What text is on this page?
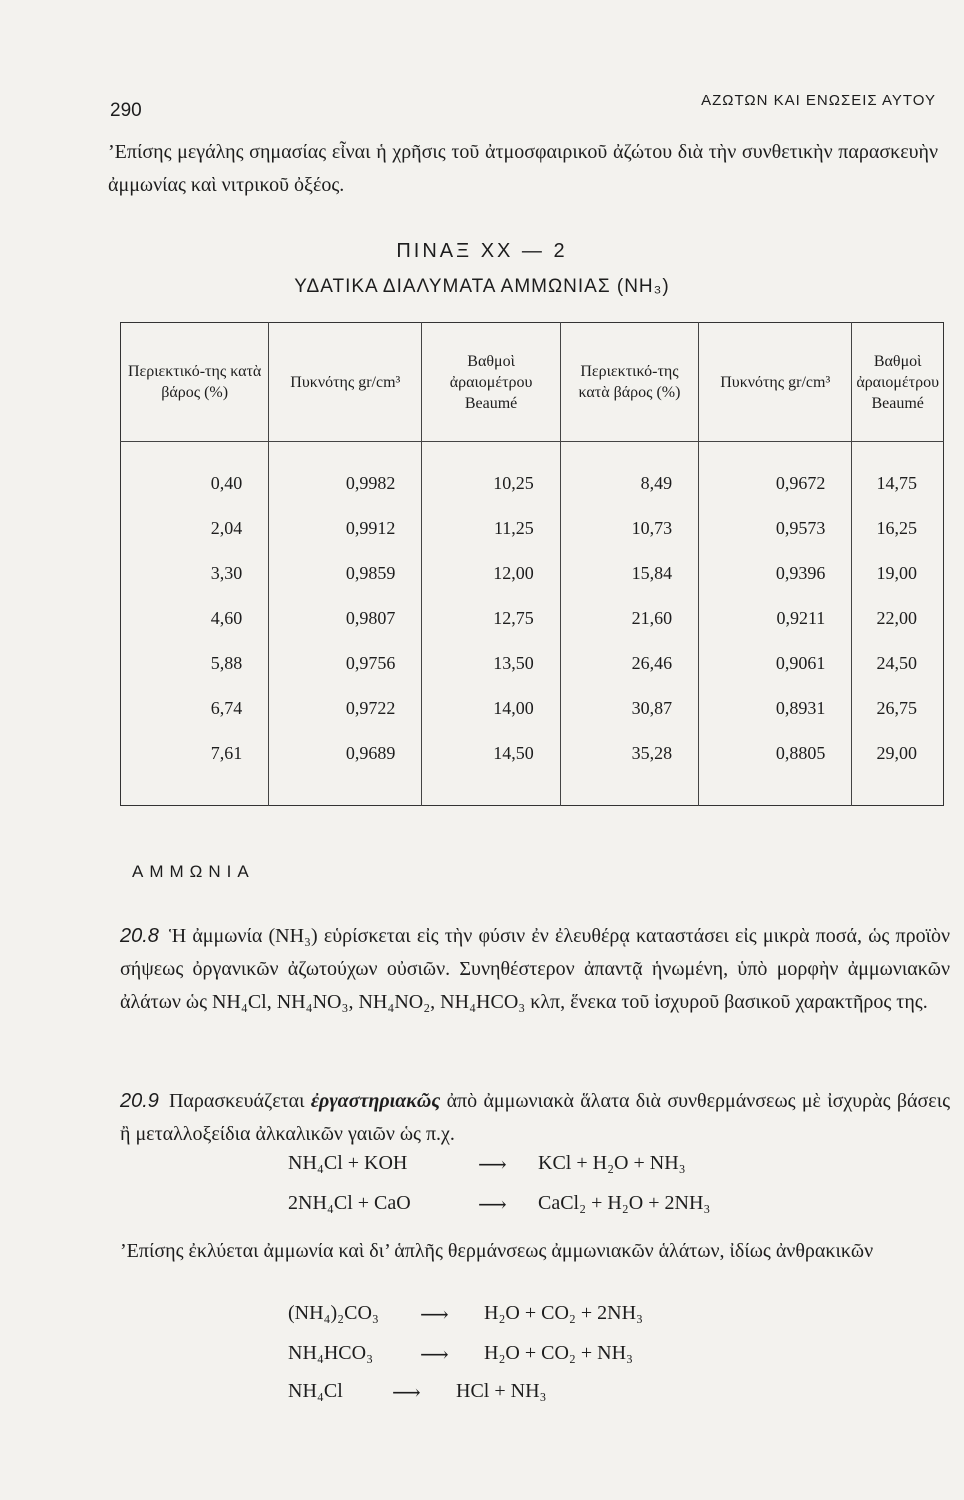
290	ΑΖΩΤΩΝ ΚΑΙ ΕΝΩΣΕΙΣ ΑΥΤΟΥ
’Επίσης μεγάλης σημασίας εἶναι ἡ χρῆσις τοῦ ἀτμοσφαιρικοῦ ἀζώτου διὰ τὴν συνθετικὴν παρασκευὴν ἀμμωνίας καὶ νιτρικοῦ ὀξέος.
ΠΙΝΑΞ XX — 2
ΥΔΑΤΙΚΑ ΔΙΑΛΥΜΑΤΑ ΑΜΜΩΝΙΑΣ (NH₃)
Περιεκτικό-της κατὰ βάρος (%)	Πυκνότης gr/cm³	Βαθμοὶ ἀραιομέτρου Beaumé	Περιεκτικό-της κατὰ βάρος (%)	Πυκνότης gr/cm³	Βαθμοὶ ἀραιομέτρου Beaumé
0,40	0,9982	10,25	8,49	0,9672	14,75
2,04	0,9912	11,25	10,73	0,9573	16,25
3,30	0,9859	12,00	15,84	0,9396	19,00
4,60	0,9807	12,75	21,60	0,9211	22,00
5,88	0,9756	13,50	26,46	0,9061	24,50
6,74	0,9722	14,00	30,87	0,8931	26,75
7,61	0,9689	14,50	35,28	0,8805	29,00
ΑΜΜΩΝΙΑ
20.8 Ἡ ἀμμωνία (NH₃) εὑρίσκεται εἰς τὴν φύσιν ἐν ἐλευθέρᾳ καταστάσει εἰς μικρὰ ποσά, ὡς προϊὸν σήψεως ὀργανικῶν ἀζωτούχων οὐσιῶν. Συνηθέστερον ἀπαντᾷ ἡνωμένη, ὑπὸ μορφὴν ἀμμωνιακῶν ἀλάτων ὡς NH₄Cl, NH₄NO₃, NH₄NO₂, NH₄HCO₃ κλπ, ἕνεκα τοῦ ἰσχυροῦ βασικοῦ χαρακτῆρος της.
20.9 Παρασκευάζεται ἐργαστηριακῶς ἀπὸ ἀμμωνιακὰ ἅλατα διὰ συνθερμάνσεως μὲ ἰσχυρὰς βάσεις ἢ μεταλλοξείδια ἀλκαλικῶν γαιῶν ὡς π.χ.
NH₄Cl + KOH	⟶ KCl + H₂O + NH₃
2NH₄Cl + CaO	⟶ CaCl₂ + H₂O + 2NH₃
’Επίσης ἐκλύεται ἀμμωνία καὶ δι’ ἁπλῆς θερμάνσεως ἀμμωνιακῶν ἁλάτων, ἰδίως ἀνθρακικῶν
(NH₄)₂CO₃ ⟶ H₂O + CO₂ + 2NH₃
NH₄HCO₃ ⟶ H₂O + CO₂ + NH₃
NH₄Cl ⟶ HCl + NH₃
